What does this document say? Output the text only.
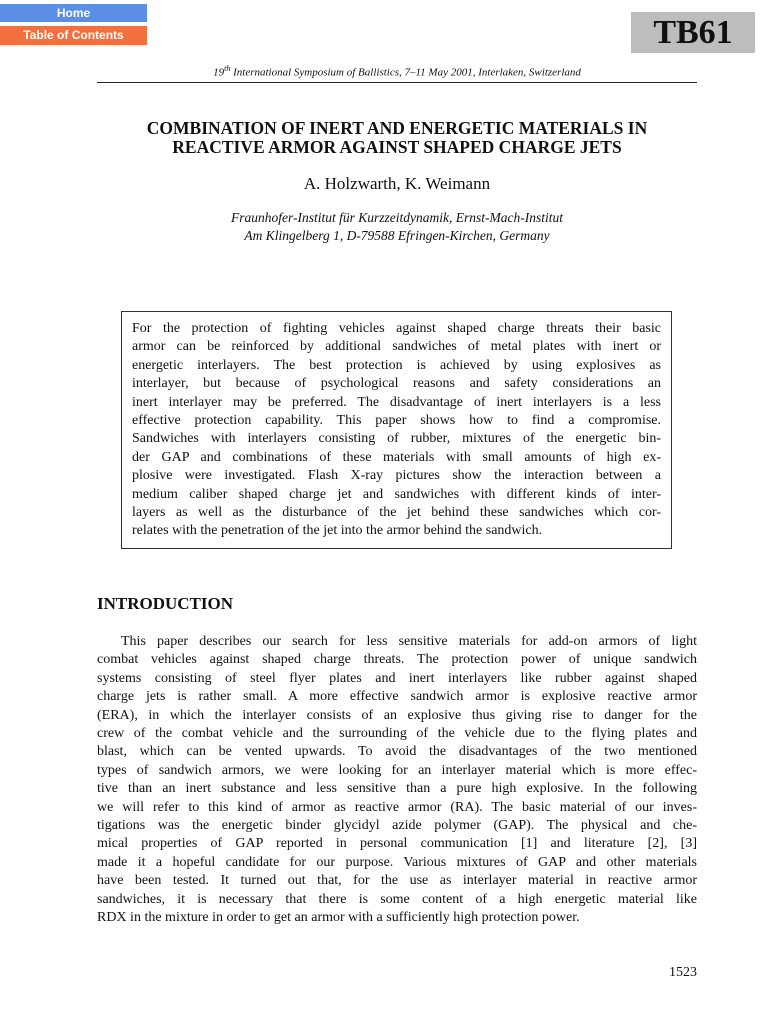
Home
Table of Contents	TB61
19th International Symposium of Ballistics, 7–11 May 2001, Interlaken, Switzerland
COMBINATION OF INERT AND ENERGETIC MATERIALS IN
REACTIVE ARMOR AGAINST SHAPED CHARGE JETS
A. Holzwarth, K. Weimann
Fraunhofer-Institut für Kurzzeitdynamik, Ernst-Mach-Institut
Am Klingelberg 1, D-79588 Efringen-Kirchen, Germany
For the protection of fighting vehicles against shaped charge threats their basic
armor can be reinforced by additional sandwiches of metal plates with inert or
energetic interlayers. The best protection is achieved by using explosives as
interlayer, but because of psychological reasons and safety considerations an
inert interlayer may be preferred. The disadvantage of inert interlayers is a less
effective protection capability. This paper shows how to find a compromise.
Sandwiches with interlayers consisting of rubber, mixtures of the energetic bin-
der GAP and combinations of these materials with small amounts of high ex-
plosive were investigated. Flash X-ray pictures show the interaction between a
medium caliber shaped charge jet and sandwiches with different kinds of inter-
layers as well as the disturbance of the jet behind these sandwiches which cor-
relates with the penetration of the jet into the armor behind the sandwich.
INTRODUCTION
This paper describes our search for less sensitive materials for add-on armors of light
combat vehicles against shaped charge threats. The protection power of unique sandwich
systems consisting of steel flyer plates and inert interlayers like rubber against shaped
charge jets is rather small. A more effective sandwich armor is explosive reactive armor
(ERA), in which the interlayer consists of an explosive thus giving rise to danger for the
crew of the combat vehicle and the surrounding of the vehicle due to the flying plates and
blast, which can be vented upwards. To avoid the disadvantages of the two mentioned
types of sandwich armors, we were looking for an interlayer material which is more effec-
tive than an inert substance and less sensitive than a pure high explosive. In the following
we will refer to this kind of armor as reactive armor (RA). The basic material of our inves-
tigations was the energetic binder glycidyl azide polymer (GAP). The physical and che-
mical properties of GAP reported in personal communication [1] and literature [2], [3]
made it a hopeful candidate for our purpose. Various mixtures of GAP and other materials
have been tested. It turned out that, for the use as interlayer material in reactive armor
sandwiches, it is necessary that there is some content of a high energetic material like
RDX in the mixture in order to get an armor with a sufficiently high protection power.
1523
